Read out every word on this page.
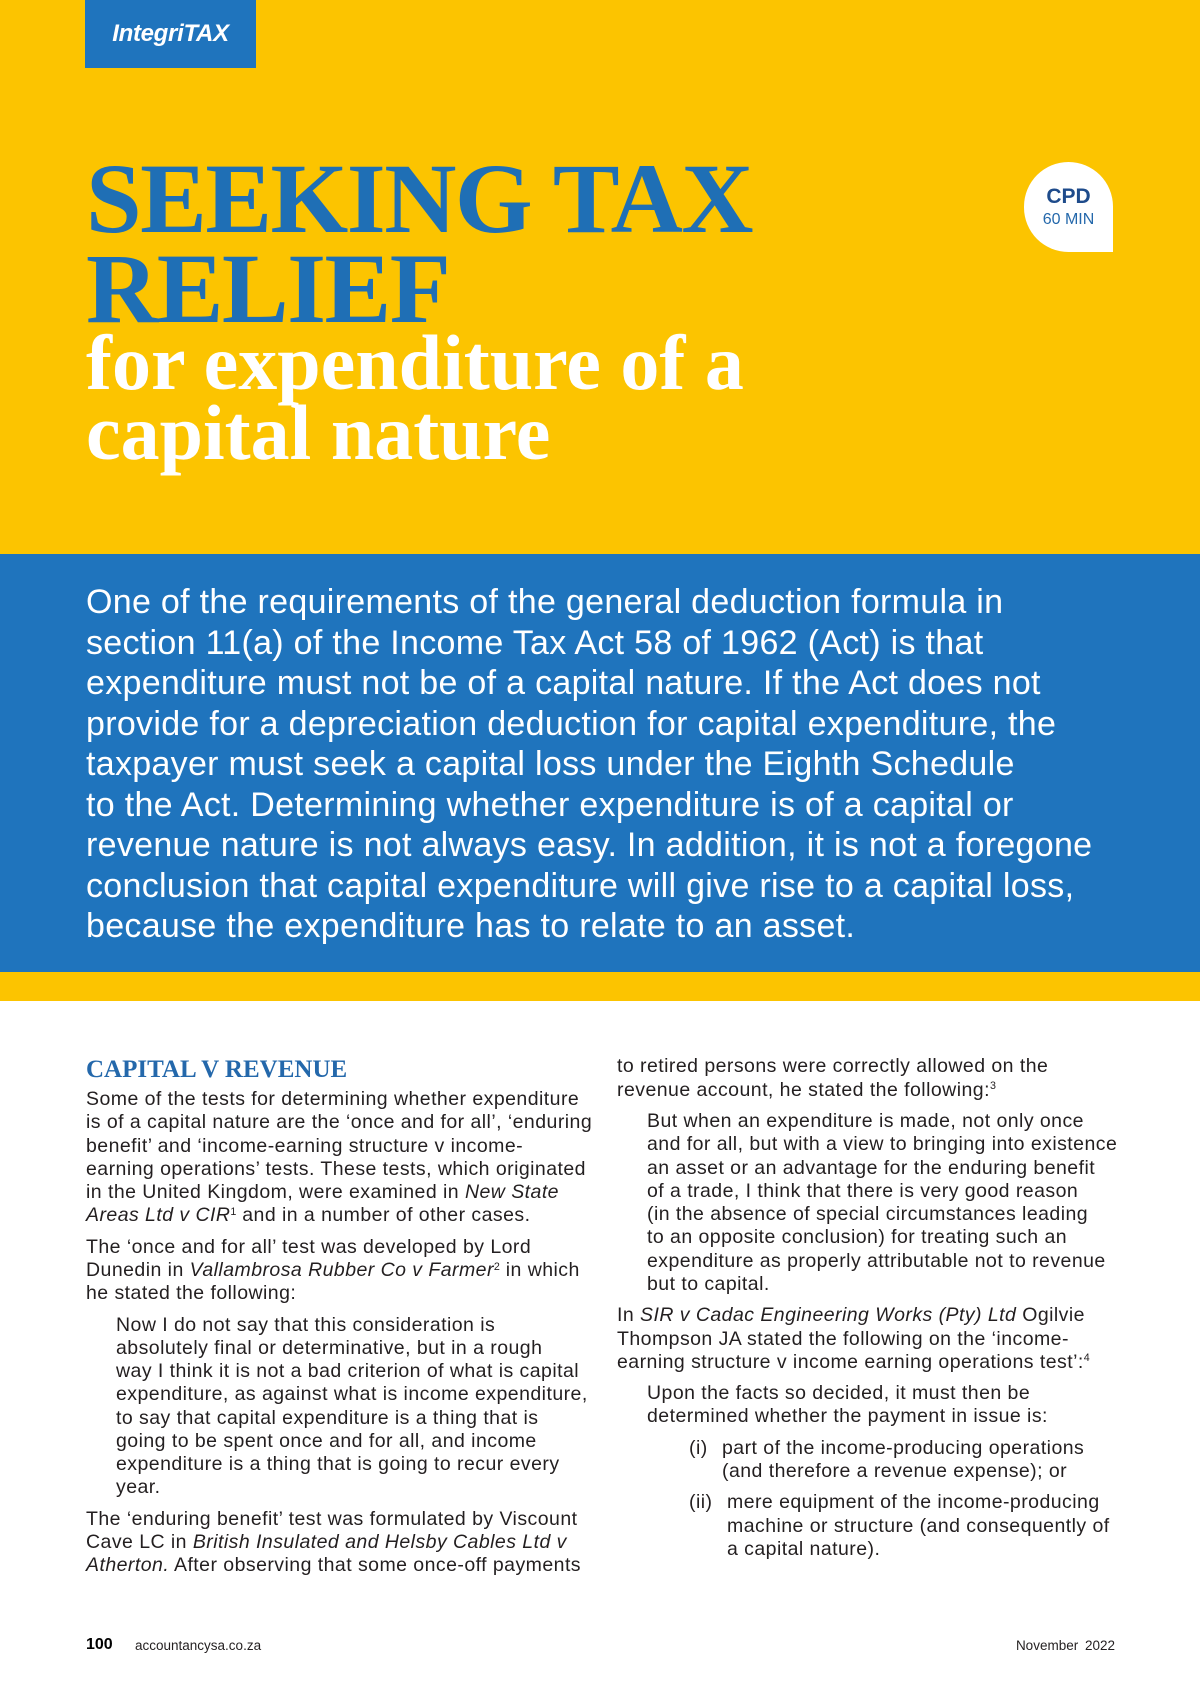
IntegriTAX
SEEKING TAX
RELIEF
for expenditure of a
capital nature
CPD
60 MIN
One of the requirements of the general deduction formula in
section 11(a) of the Income Tax Act 58 of 1962 (Act) is that
expenditure must not be of a capital nature. If the Act does not
provide for a depreciation deduction for capital expenditure, the
taxpayer must seek a capital loss under the Eighth Schedule
to the Act. Determining whether expenditure is of a capital or
revenue nature is not always easy. In addition, it is not a foregone
conclusion that capital expenditure will give rise to a capital loss,
because the expenditure has to relate to an asset.
CAPITAL V REVENUE
Some of the tests for determining whether expenditure
is of a capital nature are the ‘once and for all’, ‘enduring
benefit’ and ‘income-earning structure v income-
earning operations’ tests. These tests, which originated
in the United Kingdom, were examined in New State
Areas Ltd v CIR$^1$ and in a number of other cases.
The ‘once and for all’ test was developed by Lord
Dunedin in Vallambrosa Rubber Co v Farmer$^2$ in which
he stated the following:
Now I do not say that this consideration is
absolutely final or determinative, but in a rough
way I think it is not a bad criterion of what is capital
expenditure, as against what is income expenditure,
to say that capital expenditure is a thing that is
going to be spent once and for all, and income
expenditure is a thing that is going to recur every
year.
The ‘enduring benefit’ test was formulated by Viscount
Cave LC in British Insulated and Helsby Cables Ltd v
Atherton. After observing that some once-off payments
to retired persons were correctly allowed on the
revenue account, he stated the following:$^3$
But when an expenditure is made, not only once
and for all, but with a view to bringing into existence
an asset or an advantage for the enduring benefit
of a trade, I think that there is very good reason
(in the absence of special circumstances leading
to an opposite conclusion) for treating such an
expenditure as properly attributable not to revenue
but to capital.
In SIR v Cadac Engineering Works (Pty) Ltd Ogilvie
Thompson JA stated the following on the ‘income-
earning structure v income earning operations test’:$^4$
Upon the facts so decided, it must then be
determined whether the payment in issue is:
(i) part of the income-producing operations
(and therefore a revenue expense); or
(ii) mere equipment of the income-producing
machine or structure (and consequently of
a capital nature).
100 accountancysa.co.za	November 2022
